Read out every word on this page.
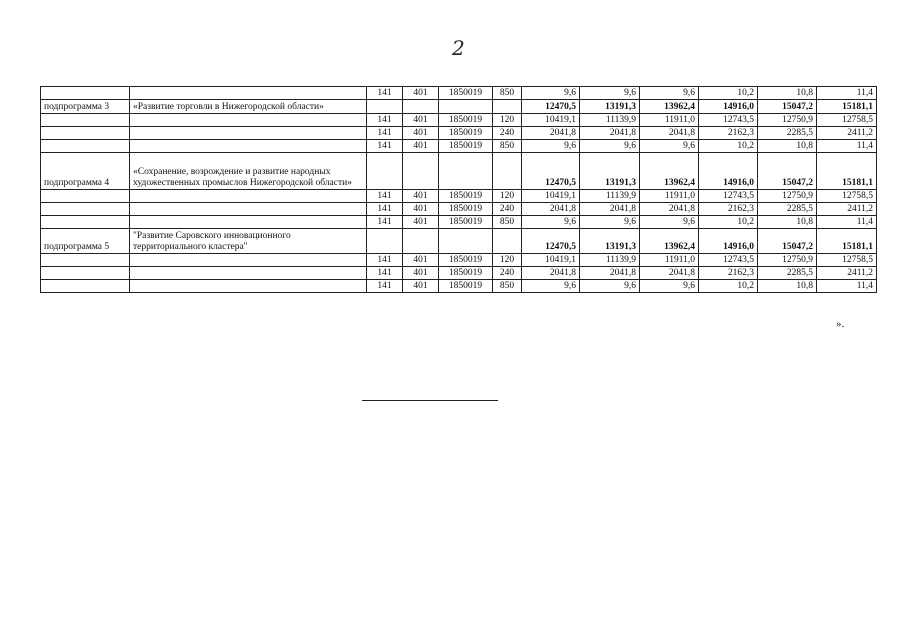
2
		141	401	1850019	850	9,6	9,6	9,6	10,2	10,8	11,4
подпрограмма 3	«Развитие торговли в Нижегородской области»					12470,5	13191,3	13962,4	14916,0	15047,2	15181,1
		141	401	1850019	120	10419,1	11139,9	11911,0	12743,5	12750,9	12758,5
		141	401	1850019	240	2041,8	2041,8	2041,8	2162,3	2285,5	2411,2
		141	401	1850019	850	9,6	9,6	9,6	10,2	10,8	11,4
подпрограмма 4	«Сохранение, возрождение и развитие народных художественных промыслов Нижегородской области»					12470,5	13191,3	13962,4	14916,0	15047,2	15181,1
		141	401	1850019	120	10419,1	11139,9	11911,0	12743,5	12750,9	12758,5
		141	401	1850019	240	2041,8	2041,8	2041,8	2162,3	2285,5	2411,2
		141	401	1850019	850	9,6	9,6	9,6	10,2	10,8	11,4
подпрограмма 5	"Развитие Саровского инновационного территориального кластера"					12470,5	13191,3	13962,4	14916,0	15047,2	15181,1
		141	401	1850019	120	10419,1	11139,9	11911,0	12743,5	12750,9	12758,5
		141	401	1850019	240	2041,8	2041,8	2041,8	2162,3	2285,5	2411,2
		141	401	1850019	850	9,6	9,6	9,6	10,2	10,8	11,4
».
